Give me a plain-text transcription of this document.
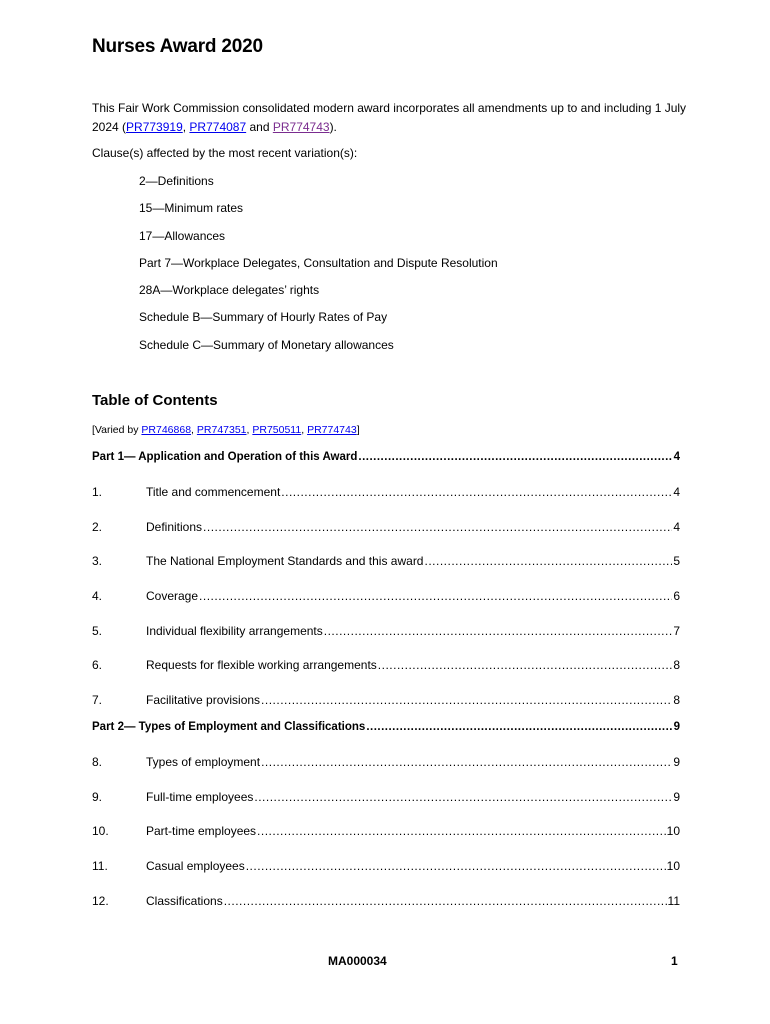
Nurses Award 2020

This Fair Work Commission consolidated modern award incorporates all amendments up to and including 1 July 2024 (PR773919, PR774087 and PR774743).

Clause(s) affected by the most recent variation(s):
2—Definitions
15—Minimum rates
17—Allowances
Part 7—Workplace Delegates, Consultation and Dispute Resolution
28A—Workplace delegates’ rights
Schedule B—Summary of Hourly Rates of Pay
Schedule C—Summary of Monetary allowances
Table of Contents
[Varied by PR746868, PR747351, PR750511, PR774743]
Part 1— Application and Operation of this Award .....	4
1.	Title and commencement .....	4
2.	Definitions .....	4
3.	The National Employment Standards and this award .....	5
4.	Coverage .....	6
5.	Individual flexibility arrangements .....	7
6.	Requests for flexible working arrangements .....	8
7.	Facilitative provisions .....	8
Part 2— Types of Employment and Classifications .....	9
8.	Types of employment .....	9
9.	Full-time employees .....	9
10.	Part-time employees .....	10
11.	Casual employees .....	10
12.	Classifications .....	11
MA000034	1
